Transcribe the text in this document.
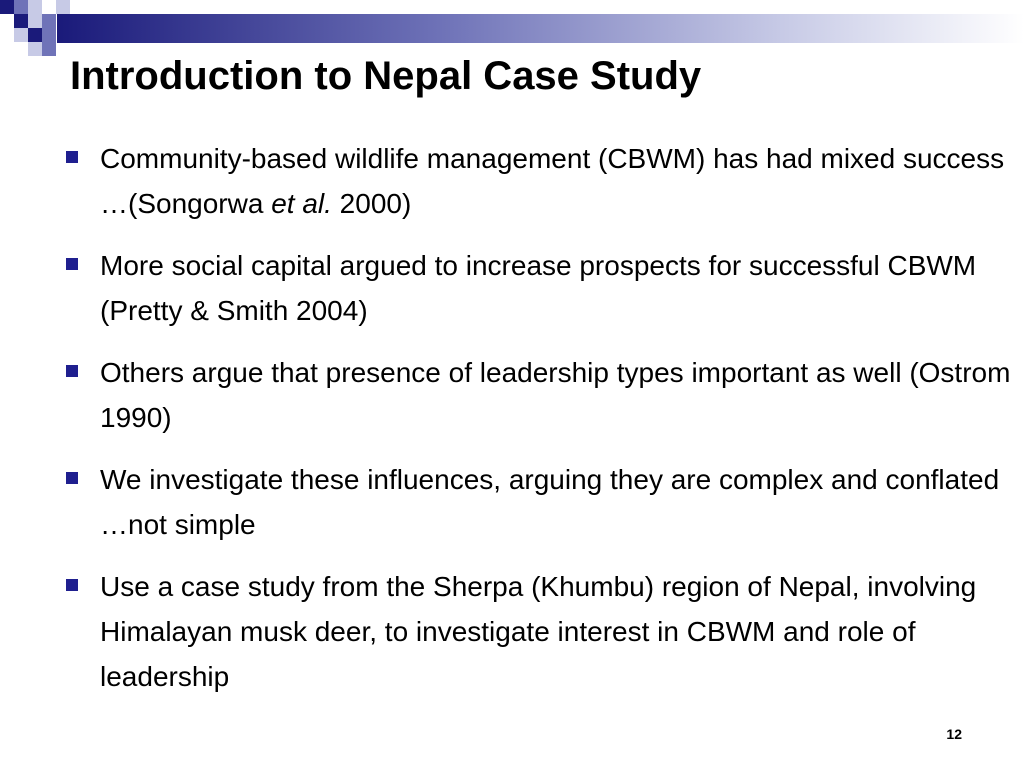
Introduction to Nepal Case Study
Community-based wildlife management (CBWM) has had mixed success …(Songorwa et al. 2000)
More social capital argued to increase prospects for successful CBWM (Pretty & Smith 2004)
Others argue that presence of leadership types important as well (Ostrom 1990)
We investigate these influences, arguing they are complex and conflated …not simple
Use a case study from the Sherpa (Khumbu) region of Nepal, involving Himalayan musk deer, to investigate interest in CBWM and role of leadership
12
